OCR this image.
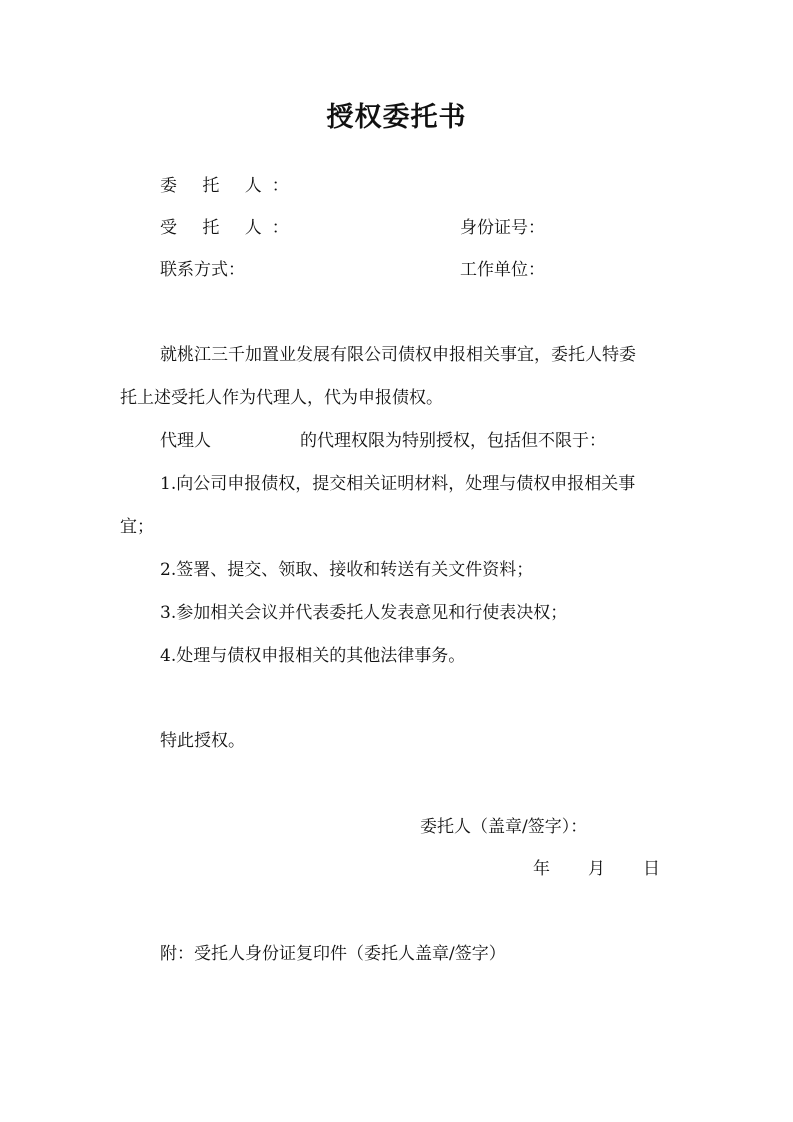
授权委托书
委 托 人：
受 托 人：	身份证号：
联系方式：	工作单位：
就桃江三千加置业发展有限公司债权申报相关事宜，委托人特委
托上述受托人作为代理人，代为申报债权。
代理人	的代理权限为特别授权，包括但不限于：
1.向公司申报债权，提交相关证明材料，处理与债权申报相关事
宜；
2.签署、提交、领取、接收和转送有关文件资料；
3.参加相关会议并代表委托人发表意见和行使表决权；
4.处理与债权申报相关的其他法律事务。
特此授权。
委托人（盖章/签字）：
年 月 日
附：受托人身份证复印件（委托人盖章/签字）
